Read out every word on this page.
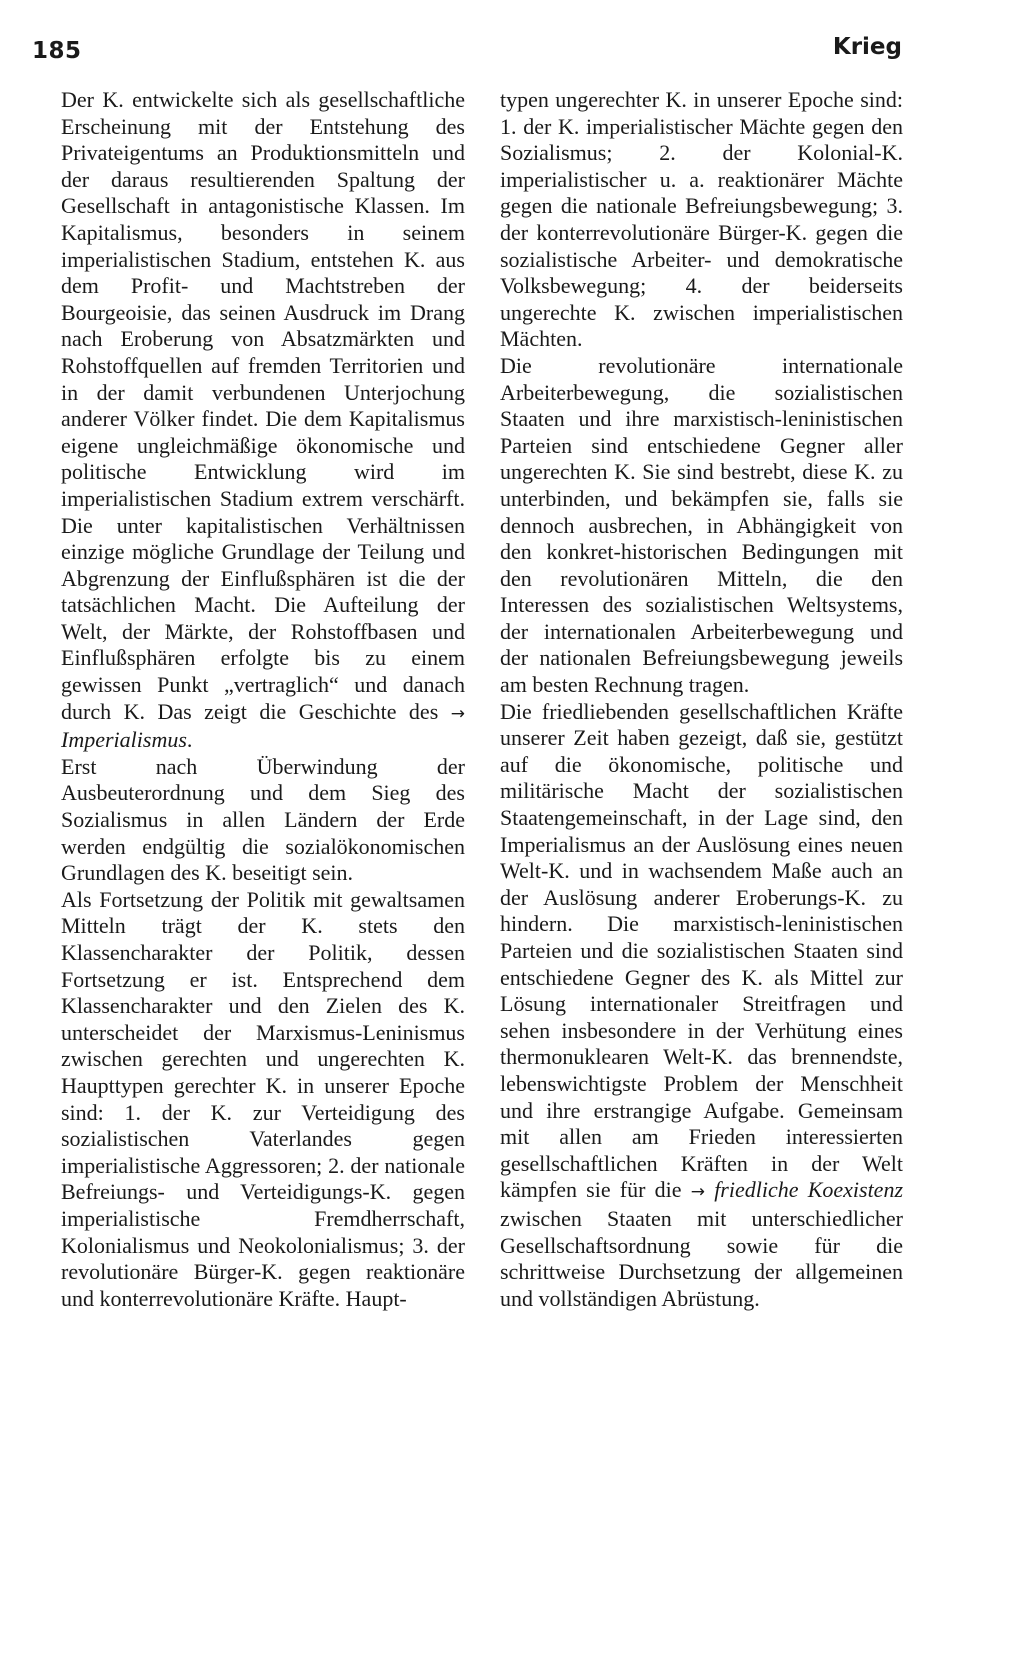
185	Krieg

Der K. entwickelte sich als gesellschaftliche Erscheinung mit der Entstehung des Privateigentums an Produktionsmitteln und der daraus resultierenden Spaltung der Gesellschaft in antagonistische Klassen. Im Kapitalismus, besonders in seinem imperialistischen Stadium, entstehen K. aus dem Profit- und Machtstreben der Bourgeoisie, das seinen Ausdruck im Drang nach Eroberung von Absatzmärkten und Rohstoffquellen auf fremden Territorien und in der damit verbundenen Unterjochung anderer Völker findet. Die dem Kapitalismus eigene ungleichmäßige ökonomische und politische Entwicklung wird im imperialistischen Stadium extrem verschärft. Die unter kapitalistischen Verhältnissen einzige mögliche Grundlage der Teilung und Abgrenzung der Einflußsphären ist die der tatsächlichen Macht. Die Aufteilung der Welt, der Märkte, der Rohstoffbasen und Einflußsphären erfolgte bis zu einem gewissen Punkt „vertraglich“ und danach durch K. Das zeigt die Geschichte des → Imperialismus.

Erst nach Überwindung der Ausbeuterordnung und dem Sieg des Sozialismus in allen Ländern der Erde werden endgültig die sozialökonomischen Grundlagen des K. beseitigt sein.

Als Fortsetzung der Politik mit gewaltsamen Mitteln trägt der K. stets den Klassencharakter der Politik, dessen Fortsetzung er ist. Entsprechend dem Klassencharakter und den Zielen des K. unterscheidet der Marxismus-Leninismus zwischen gerechten und ungerechten K. Haupttypen gerechter K. in unserer Epoche sind: 1. der K. zur Verteidigung des sozialistischen Vaterlandes gegen imperialistische Aggressoren; 2. der nationale Befreiungs- und Verteidigungs-K. gegen imperialistische Fremdherrschaft, Kolonialismus und Neokolonialismus; 3. der revolutionäre Bürger-K. gegen reaktionäre und konterrevolutionäre Kräfte. Haupt-

typen ungerechter K. in unserer Epoche sind: 1. der K. imperialistischer Mächte gegen den Sozialismus; 2. der Kolonial-K. imperialistischer u. a. reaktionärer Mächte gegen die nationale Befreiungsbewegung; 3. der konterrevolutionäre Bürger-K. gegen die sozialistische Arbeiter- und demokratische Volksbewegung; 4. der beiderseits ungerechte K. zwischen imperialistischen Mächten.

Die revolutionäre internationale Arbeiterbewegung, die sozialistischen Staaten und ihre marxistisch-leninistischen Parteien sind entschiedene Gegner aller ungerechten K. Sie sind bestrebt, diese K. zu unterbinden, und bekämpfen sie, falls sie dennoch ausbrechen, in Abhängigkeit von den konkret-historischen Bedingungen mit den revolutionären Mitteln, die den Interessen des sozialistischen Weltsystems, der internationalen Arbeiterbewegung und der nationalen Befreiungsbewegung jeweils am besten Rechnung tragen.

Die friedliebenden gesellschaftlichen Kräfte unserer Zeit haben gezeigt, daß sie, gestützt auf die ökonomische, politische und militärische Macht der sozialistischen Staatengemeinschaft, in der Lage sind, den Imperialismus an der Auslösung eines neuen Welt-K. und in wachsendem Maße auch an der Auslösung anderer Eroberungs-K. zu hindern. Die marxistisch-leninistischen Parteien und die sozialistischen Staaten sind entschiedene Gegner des K. als Mittel zur Lösung internationaler Streitfragen und sehen insbesondere in der Verhütung eines thermonuklearen Welt-K. das brennendste, lebenswichtigste Problem der Menschheit und ihre erstrangige Aufgabe. Gemeinsam mit allen am Frieden interessierten gesellschaftlichen Kräften in der Welt kämpfen sie für die → friedliche Koexistenz zwischen Staaten mit unterschiedlicher Gesellschaftsordnung sowie für die schrittweise Durchsetzung der allgemeinen und vollständigen Abrüstung.
